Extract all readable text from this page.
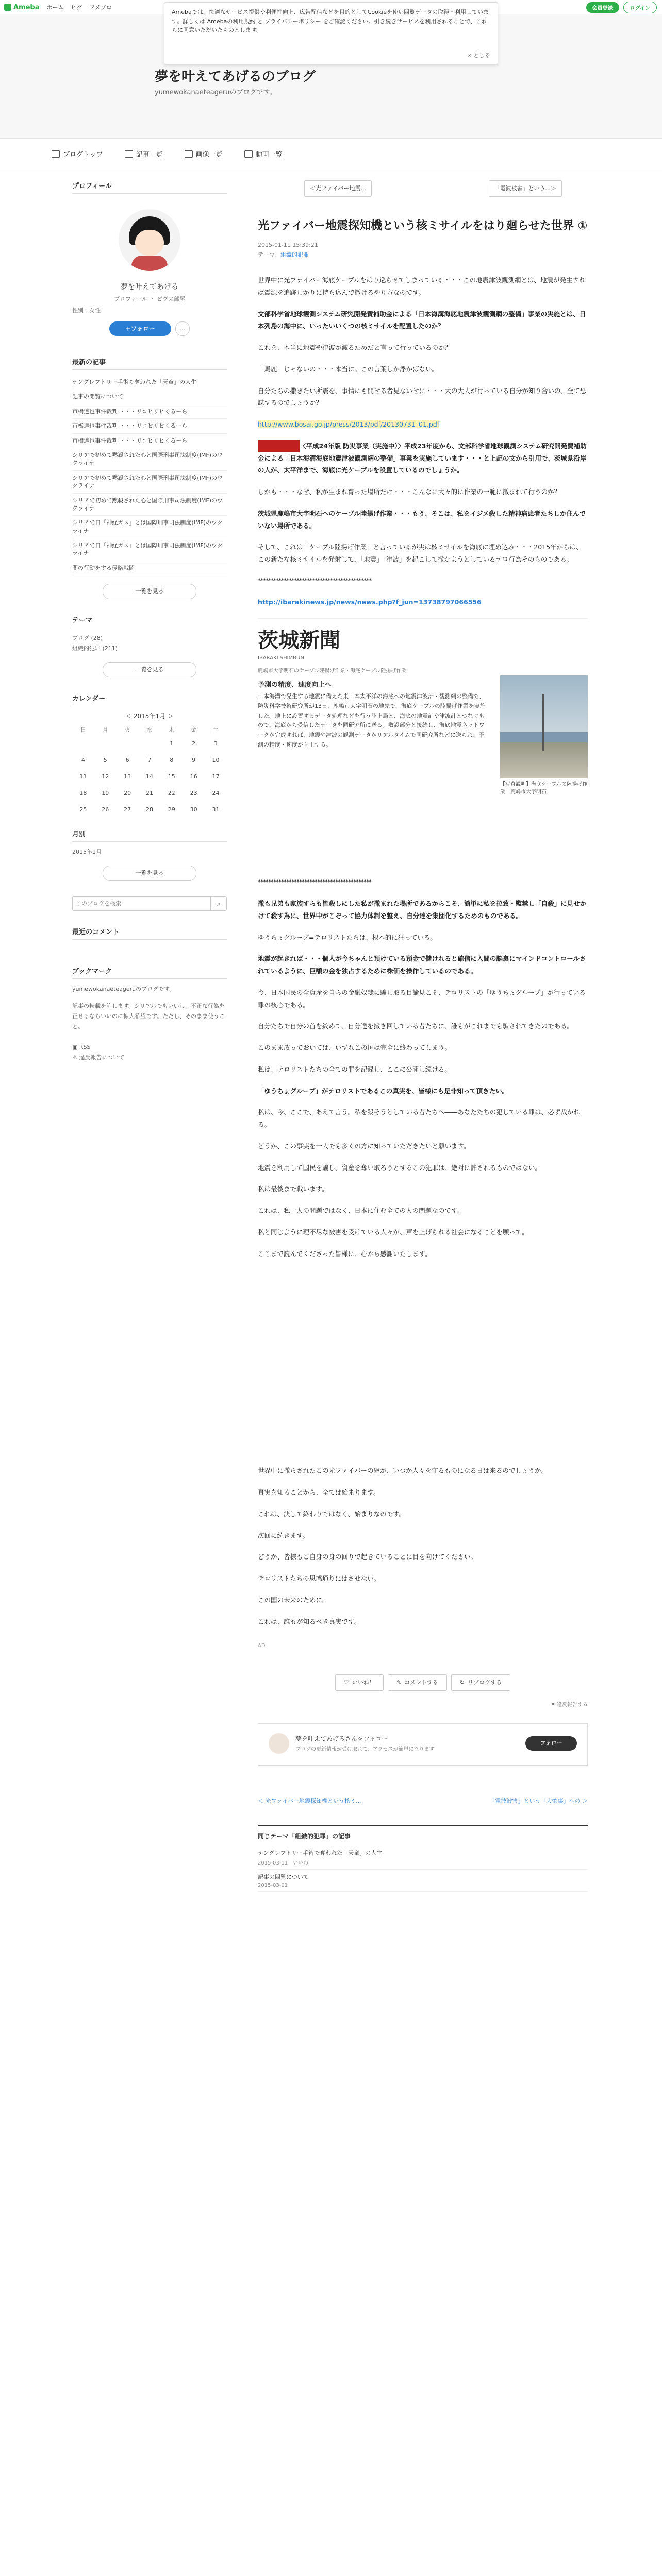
Ameba ホーム ピグ アメブロ	会員登録	ログイン
Amebaでは、快適なサービス提供や利便性向上、広告配信などを目的としてCookieを使い閲覧データの取得・利用しています。詳しくは Amebaの利用規約 と プライバシーポリシー をご確認ください。引き続きサービスを利用されることで、これらに同意いただいたものとします。
× とじる
夢を叶えてあげるのブログ
yumewokanaeteageruのブログです。
ブログトップ	記事一覧	画像一覧	動画一覧
プロフィール
夢を叶えてあげる
プロフィール ・ ピグの部屋
性別：女性
+フォロー	…
最新の記事
テングレフトリー手術で奪われた「天童」の人生
記事の閲覧について
市橋達也事件裁判 ・・・リコピリピくるーら
市橋達也事件裁判 ・・・リコピリピくるーら
市橋達也事件裁判 ・・・リコピリピくるーら
シリアで初めて黙殺された心と国際刑事司法制度(IMF)のウクライナ
シリアで初めて黙殺された心と国際刑事司法制度(IMF)のウクライナ
シリアで初めて黙殺された心と国際刑事司法制度(IMF)のウクライナ
シリアで日「神経ガス」とは国際刑事司法制度(IMF)のウクライナ
シリアで日「神経ガス」とは国際刑事司法制度(IMF)のウクライナ
闇の行動をする侵略戦闘
一覧を見る
テーマ
ブログ (28)
組織的犯罪 (211)
一覧を見る
カレンダー
＜ 2015年1月 ＞
日	月	火	水	木	金	土
				1	2	3
4	5	6	7	8	9	10
11	12	13	14	15	16	17
18	19	20	21	22	23	24
25	26	27	28	29	30	31
月別
2015年1月
一覧を見る
このブログを検索
⌕
最近のコメント
ブックマーク
yumewokanaeteageruのブログです。
記事の転載を許します。シリアルでもいいし、不正な行為を正せるならいいのに拡大希望です。ただし、そのまま使うこと。
▣ RSS
⚠ 違反報告について
＜光ファイバー地震...	「電波被害」という...＞
光ファイバー地震探知機という核ミサイルをはり廻らせた世界 ①
2015-01-11 15:39:21
テーマ：組織的犯罪

世界中に光ファイバー海底ケーブルをはり巡らせてしまっている・・・この地震津波観測網とは、地震が発生すれば震源を追跡しかりに持ち込んで撒けるやり方なのです。

文部科学省地球観測システム研究開発費補助金による「日本海溝海底地震津波観測網の整備」事業の実施とは、日本列島の海中に、いったいいくつの核ミサイルを配置したのか？

これを、本当に地震や津波が減るためだと言って行っているのか？

「馬鹿」じゃないの・・・本当に。この言葉しか浮かばない。

自分たちの撒きたい所震を、事情にも開せる者見ないせに・・・大の大人が行っている自分が知り合いの、全て恐謀するのでしょうか？

http://www.bosai.go.jp/press/2013/pdf/20130731_01.pdf

　　　　　　〈平成24年版 防災事業（実施中）〉平成23年度から、文部科学省地球観測システム研究開発費補助金による「日本海溝海底地震津波観測網の整備」事業を実施しています・・・と上記の文から引用で、茨城県沿岸の人が、太平洋まで、海底に光ケーブルを設置しているのでしょうか。

しかも・・・なぜ、私が生まれ育った場所だけ・・・こんなに大々的に作業の一範に撒まれて行うのか？

茨城県鹿嶋市大字明石へのケーブル陸揚げ作業・・・もう、そこは、私をイジメ殺した精神病患者たちしか住んでいない場所である。

そして、これは「ケーブル陸揚げ作業」と言っているが実は核ミサイルを海底に埋め込み・・・2015年からは、この新たな核ミサイルを発射して、「地震」「津波」を起こして撒かようとしているテロ行為そのものである。

********************************************

http://ibarakinews.jp/news/news.php?f_jun=13738797066556

茨城新聞
IBARAKI SHIMBUN
鹿嶋市大字明石のケーブル陸揚げ作業・海底ケーブル陸揚げ作業
予測の精度、速度向上へ
日本海溝で発生する地震に備えた東日本太平洋の海底への地震津波計・観測網の整備で、防災科学技術研究所が13日、鹿嶋市大字明石の地先で、海底ケーブルの陸揚げ作業を実施した。地上に設置するデータ処理などを行う陸上局と、海底の地震計や津波計とつなぐもので、海底から受信したデータを同研究所に送る。敷設部分と接続し、海底地震ネットワークが完成すれば、地震や津波の観測データがリアルタイムで同研究所などに送られ、予測の精度・速度が向上する。
【写真説明】海底ケーブルの陸揚げ作業＝鹿嶋市大字明石

********************************************

撒も兄弟も家族すらも皆殺しにした私が撒まれた場所であるからこそ、簡単に私を拉致・監禁し「自殺」に見せかけて殺す為に、世界中がこぞって協力体制を整え、自分達を集団化するためのものである。

ゆうちょグループ=テロリストたちは、根本的に狂っている。

地震が起きれば・・・個人が今ちゃんと預けている預金で儲けれると確信に入間の脳裏にマインドコントロールされているように、巨額の金を独占するために株価を操作しているのである。

今、日本国民の全資産を自らの金融奴隷に騙し取る目論見こそ、テロリストの「ゆうちょグループ」が行っている罪の核心である。

自分たちで自分の首を絞めて、自分達を撒き回している者たちに、誰もがこれまでも騙されてきたのである。

このまま放っておいては、いずれこの国は完全に終わってしまう。

私は、テロリストたちの全ての罪を記録し、ここに公開し続ける。

「ゆうちょグループ」がテロリストであるこの真実を、皆様にも是非知って頂きたい。

私は、今、ここで、あえて言う。私を殺そうとしている者たちへ――あなたたちの犯している罪は、必ず裁かれる。

どうか、この事実を一人でも多くの方に知っていただきたいと願います。

地震を利用して国民を騙し、資産を奪い取ろうとするこの犯罪は、絶対に許されるものではない。

私は最後まで戦います。

これは、私一人の問題ではなく、日本に住む全ての人の問題なのです。

私と同じように理不尽な被害を受けている人々が、声を上げられる社会になることを願って。

ここまで読んでくださった皆様に、心から感謝いたします。

世界中に撒らされたこの光ファイバーの網が、いつか人々を守るものになる日は来るのでしょうか。

真実を知ることから、全ては始まります。

これは、決して終わりではなく、始まりなのです。

次回に続きます。

どうか、皆様もご自身の身の回りで起きていることに目を向けてください。

テロリストたちの思惑通りにはさせない。

この国の未来のために。

これは、誰もが知るべき真実です。

AD
♡ いいね！	✎ コメントする	↻ リブログする
⚑ 違反報告する
夢を叶えてあげるさんをフォロー
ブログの更新情報が受け取れて、アクセスが簡単になります
フォロー
＜ 光ファイバー地震探知機という核ミ...	「電波被害」という「大惨事」への ＞
同じテーマ「組織的犯罪」の記事
テングレフトリー手術で奪われた「天童」の人生
2015-03-11　 いいね
記事の閲覧について
2015-03-01
